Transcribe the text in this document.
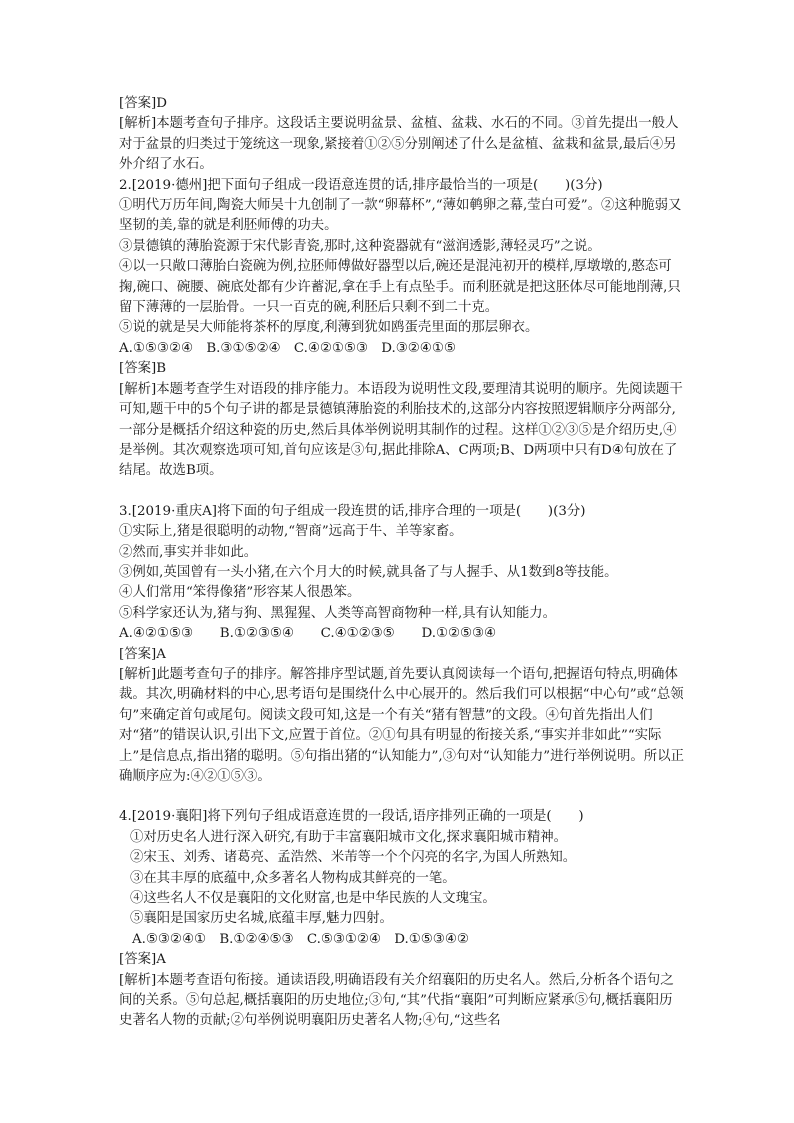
[答案]D

[解析]本题考查句子排序。这段话主要说明盆景、盆植、盆栽、水石的不同。③首先提出一般人对于盆景的归类过于笼统这一现象,紧接着①②⑤分别阐述了什么是盆植、盆栽和盆景,最后④另外介绍了水石。

2.[2019·德州]把下面句子组成一段语意连贯的话,排序最恰当的一项是(　　)(3分)

①明代万历年间,陶瓷大师吴十九创制了一款“卵幕杯”,“薄如鹌卵之幕,莹白可爱”。②这种脆弱又坚韧的美,靠的就是利胚师傅的功夫。

③景德镇的薄胎瓷源于宋代影青瓷,那时,这种瓷器就有“滋润透影,薄轻灵巧”之说。

④以一只敞口薄胎白瓷碗为例,拉胚师傅做好器型以后,碗还是混沌初开的模样,厚墩墩的,憨态可掬,碗口、碗腰、碗底处都有少许蓄泥,拿在手上有点坠手。而利胚就是把这胚体尽可能地削薄,只留下薄薄的一层胎骨。一只一百克的碗,利胚后只剩不到二十克。

⑤说的就是吴大师能将茶杯的厚度,利薄到犹如鸥蛋壳里面的那层卵衣。

A.①⑤③②④　B.③①⑤②④　C.④②①⑤③　D.③②④①⑤

[答案]B

[解析]本题考查学生对语段的排序能力。本语段为说明性文段,要理清其说明的顺序。先阅读题干可知,题干中的5个句子讲的都是景德镇薄胎瓷的利胎技术的,这部分内容按照逻辑顺序分两部分,一部分是概括介绍这种瓷的历史,然后具体举例说明其制作的过程。这样①②③⑤是介绍历史,④是举例。其次观察选项可知,首句应该是③句,据此排除A、C两项;B、D两项中只有D④句放在了结尾。故选B项。

3.[2019·重庆A]将下面的句子组成一段连贯的话,排序合理的一项是(　　)(3分)

①实际上,猪是很聪明的动物,“智商”远高于牛、羊等家畜。

②然而,事实并非如此。

③例如,英国曾有一头小猪,在六个月大的时候,就具备了与人握手、从1数到8等技能。

④人们常用“笨得像猪”形容某人很愚笨。

⑤科学家还认为,猪与狗、黑猩猩、人类等高智商物种一样,具有认知能力。

A.④②①⑤③　　B.①②③⑤④　　C.④①②③⑤　　D.①②⑤③④

[答案]A

[解析]此题考查句子的排序。解答排序型试题,首先要认真阅读每一个语句,把握语句特点,明确体裁。其次,明确材料的中心,思考语句是围绕什么中心展开的。然后我们可以根据“中心句”或“总领句”来确定首句或尾句。阅读文段可知,这是一个有关“猪有智慧”的文段。④句首先指出人们对“猪”的错误认识,引出下文,应置于首位。②①句具有明显的衔接关系,“事实并非如此”“实际上”是信息点,指出猪的聪明。⑤句指出猪的“认知能力”,③句对“认知能力”进行举例说明。所以正确顺序应为:④②①⑤③。

4.[2019·襄阳]将下列句子组成语意连贯的一段话,语序排列正确的一项是(　　)

①对历史名人进行深入研究,有助于丰富襄阳城市文化,探求襄阳城市精神。

②宋玉、刘秀、诸葛亮、孟浩然、米芾等一个个闪亮的名字,为国人所熟知。

③在其丰厚的底蕴中,众多著名人物构成其鲜亮的一笔。

④这些名人不仅是襄阳的文化财富,也是中华民族的人文瑰宝。

⑤襄阳是国家历史名城,底蕴丰厚,魅力四射。

A.⑤③②④①　B.①②④⑤③　C.⑤③①②④　D.①⑤③④②

[答案]A

[解析]本题考查语句衔接。通读语段,明确语段有关介绍襄阳的历史名人。然后,分析各个语句之间的关系。⑤句总起,概括襄阳的历史地位;③句,“其”代指“襄阳”可判断应紧承⑤句,概括襄阳历史著名人物的贡献;②句举例说明襄阳历史著名人物;④句,“这些名
